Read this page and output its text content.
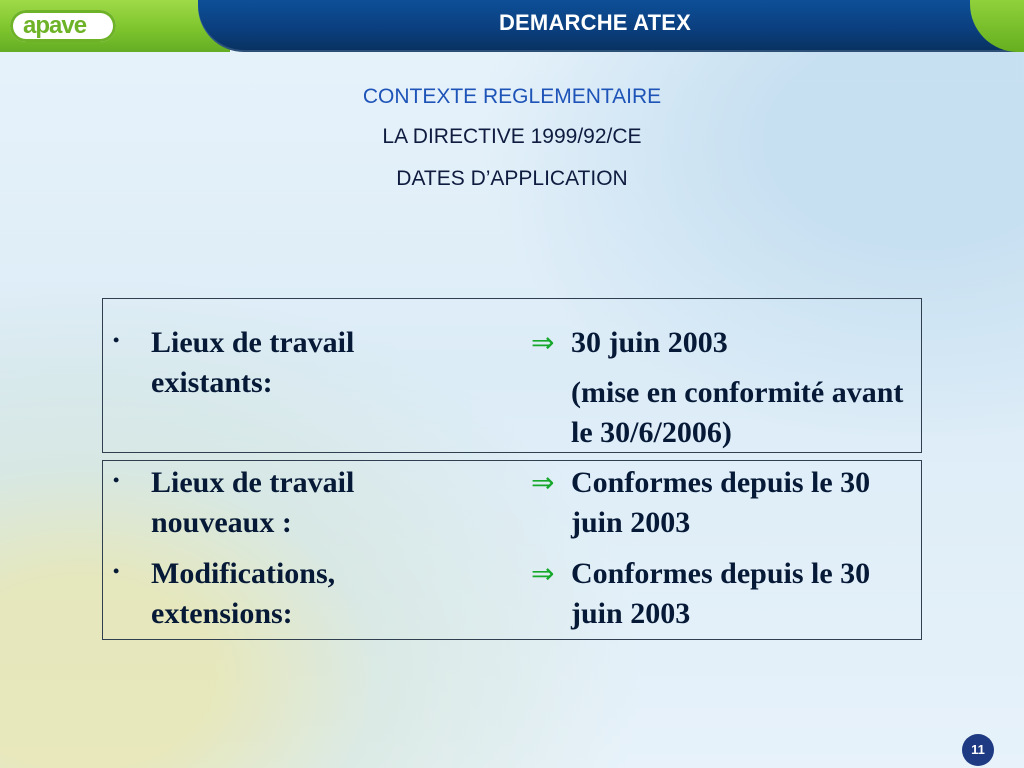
apave	DEMARCHE ATEX
CONTEXTE REGLEMENTAIRE
LA DIRECTIVE 1999/92/CE
DATES D’APPLICATION
• Lieux de travail existants:
⇒ 30 juin 2003
(mise en conformité avant le 30/6/2006)
• Lieux de travail nouveaux :
⇒ Conformes depuis le 30 juin 2003
• Modifications, extensions:
⇒ Conformes depuis le 30 juin 2003
11
